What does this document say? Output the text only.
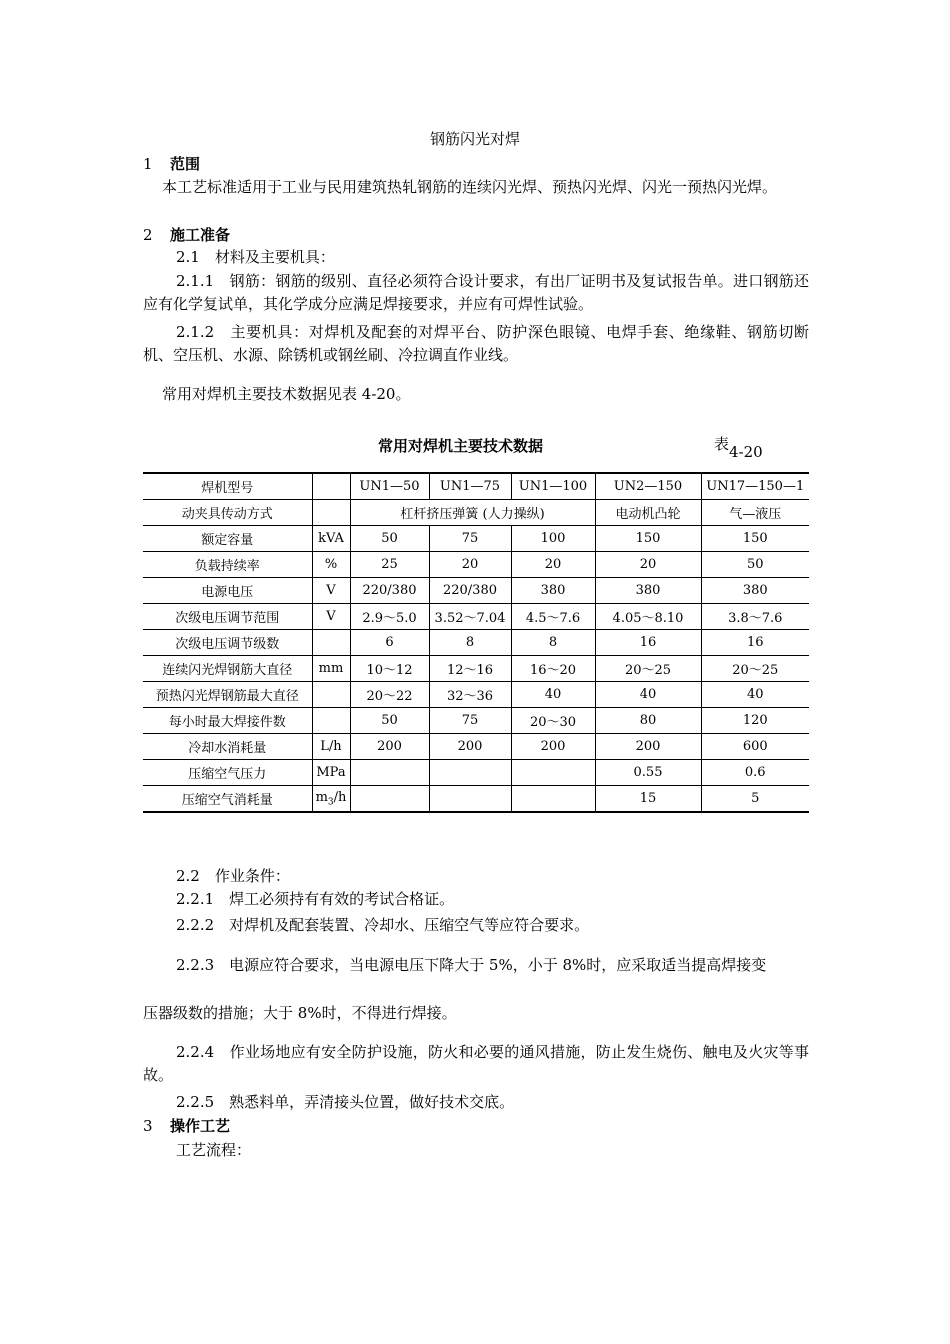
钢筋闪光对焊
1 范围
本工艺标准适用于工业与民用建筑热轧钢筋的连续闪光焊、预热闪光焊、闪光一预热闪光焊。
2 施工准备
2.1　材料及主要机具：
2.1.1　钢筋：钢筋的级别、直径必须符合设计要求，有出厂证明书及复试报告单。进口钢筋还应有化学复试单，其化学成分应满足焊接要求，并应有可焊性试验。
2.1.2　主要机具：对焊机及配套的对焊平台、防护深色眼镜、电焊手套、绝缘鞋、钢筋切断机、空压机、水源、除锈机或钢丝刷、冷拉调直作业线。
常用对焊机主要技术数据见表 4-20。
常用对焊机主要技术数据	表4-20
焊机型号		UN1—50	UN1—75	UN1—100	UN2—150	UN17—150—1
动夹具传动方式		杠杆挤压弹簧 (人力操纵)			电动机凸轮	气—液压
额定容量	kVA	50	75	100	150	150
负载持续率	%	25	20	20	20	50
电源电压	V	220/380	220/380	380	380	380
次级电压调节范围	V	2.9～5.0	3.52～7.04	4.5～7.6	4.05～8.10	3.8～7.6
次级电压调节级数		6	8	8	16	16
连续闪光焊钢筋大直径	mm	10～12	12～16	16～20	20～25	20～25
预热闪光焊钢筋最大直径		20～22	32～36	40	40	40
每小时最大焊接件数		50	75	20～30	80	120
冷却水消耗量	L/h	200	200	200	200	600
压缩空气压力	MPa				0.55	0.6
压缩空气消耗量	$m_3/h$				15	5
2.2　作业条件：
2.2.1　焊工必须持有有效的考试合格证。
2.2.2　对焊机及配套装置、冷却水、压缩空气等应符合要求。
2.2.3　电源应符合要求，当电源电压下降大于 5%，小于 8%时，应采取适当提高焊接变
压器级数的措施；大于 8%时，不得进行焊接。
2.2.4　作业场地应有安全防护设施，防火和必要的通风措施，防止发生烧伤、触电及火灾等事故。
2.2.5　熟悉料单，弄清接头位置，做好技术交底。
3 操作工艺
工艺流程：
